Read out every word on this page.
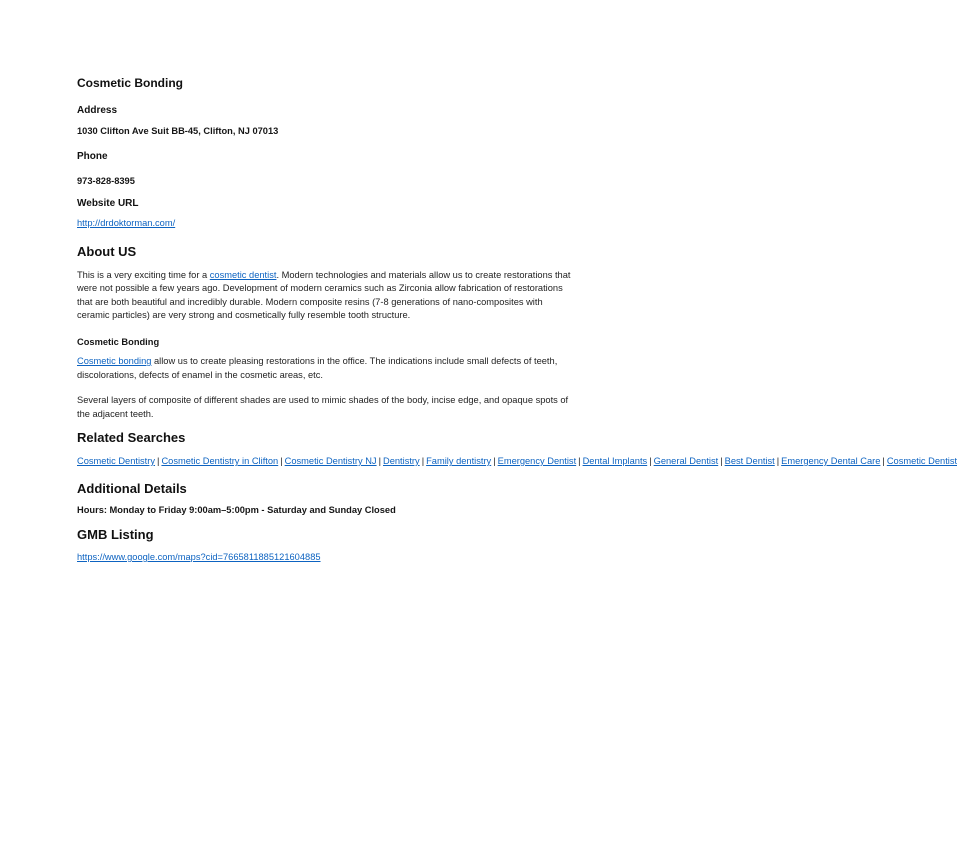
Cosmetic Bonding
Address

1030 Clifton Ave Suit BB-45, Clifton, NJ 07013

Phone

973-828-8395

Website URL

http://drdoktorman.com/

About US

This is a very exciting time for a cosmetic dentist. Modern technologies and materials allow us to create restorations that were not possible a few years ago. Development of modern ceramics such as Zirconia allow fabrication of restorations that are both beautiful and incredibly durable. Modern composite resins (7-8 generations of nano-composites with ceramic particles) are very strong and cosmetically fully resemble tooth structure.

Cosmetic Bonding

Cosmetic bonding allow us to create pleasing restorations in the office. The indications include small defects of teeth, discolorations, defects of enamel in the cosmetic areas, etc.

Several layers of composite of different shades are used to mimic shades of the body, incise edge, and opaque spots of the adjacent teeth.

Related Searches

Cosmetic Dentistry | Cosmetic Dentistry in Clifton | Cosmetic Dentistry NJ | Dentistry | Family dentistry | Emergency Dentist | Dental Implants | General Dentist | Best Dentist | Emergency Dental Care | Cosmetic Dentist

Additional Details

Hours: Monday to Friday 9:00am–5:00pm - Saturday and Sunday Closed

GMB Listing

https://www.google.com/maps?cid=7665811885121604885
